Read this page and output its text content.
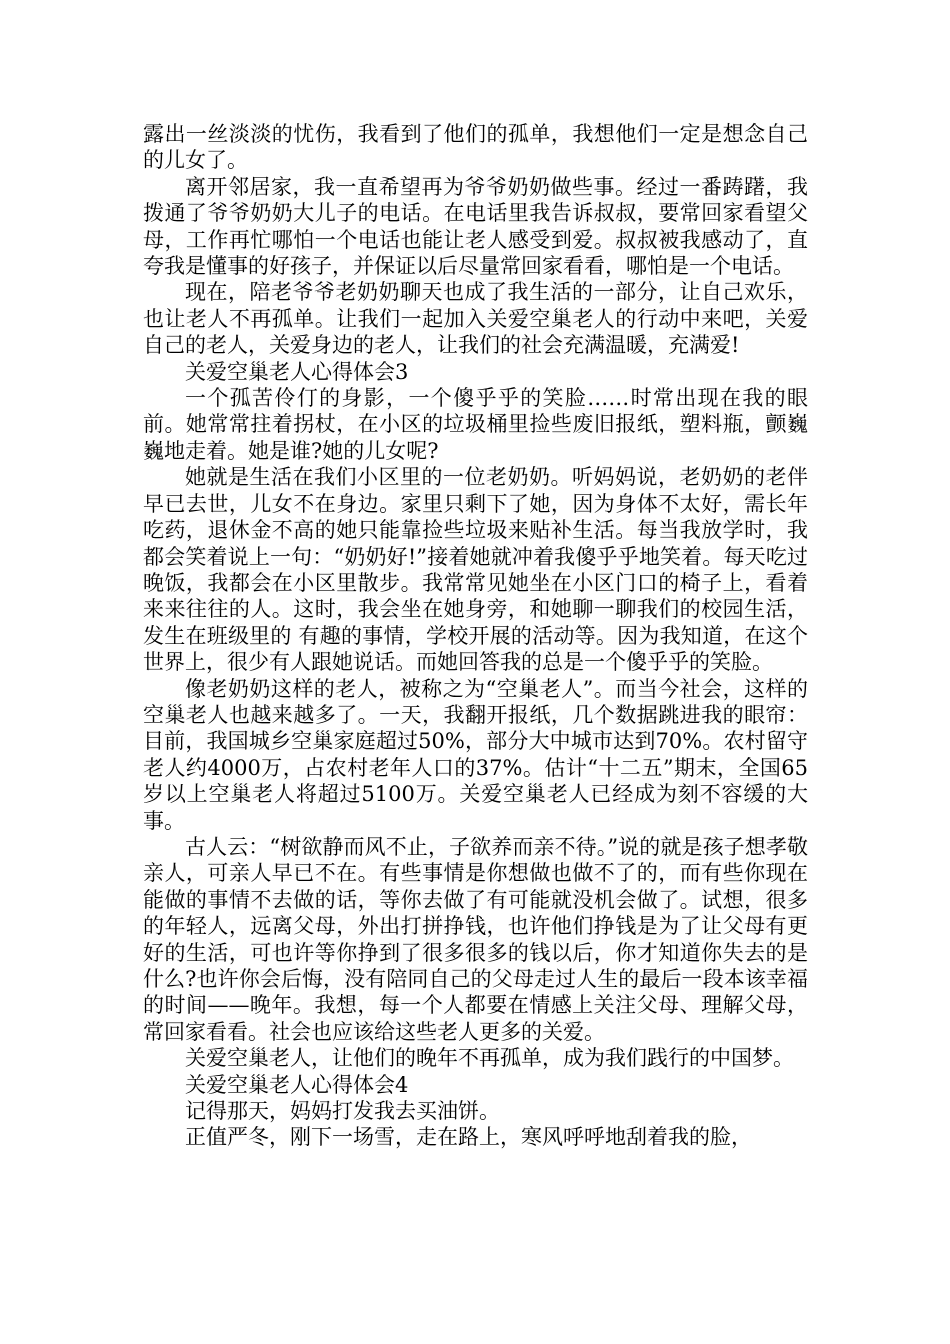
露出一丝淡淡的忧伤，我看到了他们的孤单，我想他们一定是想念自己的儿女了。

离开邻居家，我一直希望再为爷爷奶奶做些事。经过一番踌躇，我拨通了爷爷奶奶大儿子的电话。在电话里我告诉叔叔，要常回家看望父母，工作再忙哪怕一个电话也能让老人感受到爱。叔叔被我感动了，直夸我是懂事的好孩子，并保证以后尽量常回家看看，哪怕是一个电话。

现在，陪老爷爷老奶奶聊天也成了我生活的一部分，让自己欢乐，也让老人不再孤单。让我们一起加入关爱空巢老人的行动中来吧，关爱自己的老人，关爱身边的老人，让我们的社会充满温暖，充满爱!

关爱空巢老人心得体会3

一个孤苦伶仃的身影，一个傻乎乎的笑脸……时常出现在我的眼前。她常常拄着拐杖，在小区的垃圾桶里捡些废旧报纸，塑料瓶，颤巍巍地走着。她是谁?她的儿女呢?

她就是生活在我们小区里的一位老奶奶。听妈妈说，老奶奶的老伴早已去世，儿女不在身边。家里只剩下了她，因为身体不太好，需长年吃药，退休金不高的她只能靠捡些垃圾来贴补生活。每当我放学时，我都会笑着说上一句：“奶奶好!”接着她就冲着我傻乎乎地笑着。每天吃过晚饭，我都会在小区里散步。我常常见她坐在小区门口的椅子上，看着来来往往的人。这时，我会坐在她身旁，和她聊一聊我们的校园生活，发生在班级里的 有趣的事情，学校开展的活动等。因为我知道，在这个世界上，很少有人跟她说话。而她回答我的总是一个傻乎乎的笑脸。

像老奶奶这样的老人，被称之为“空巢老人”。而当今社会，这样的空巢老人也越来越多了。一天，我翻开报纸，几个数据跳进我的眼帘：目前，我国城乡空巢家庭超过50%，部分大中城市达到70%。农村留守老人约4000万，占农村老年人口的37%。估计“十二五”期末，全国65岁以上空巢老人将超过5100万。关爱空巢老人已经成为刻不容缓的大事。

古人云：“树欲静而风不止，子欲养而亲不待。”说的就是孩子想孝敬亲人，可亲人早已不在。有些事情是你想做也做不了的，而有些你现在能做的事情不去做的话，等你去做了有可能就没机会做了。试想，很多的年轻人，远离父母，外出打拼挣钱，也许他们挣钱是为了让父母有更好的生活，可也许等你挣到了很多很多的钱以后，你才知道你失去的是什么?也许你会后悔，没有陪同自己的父母走过人生的最后一段本该幸福的时间——晚年。我想，每一个人都要在情感上关注父母、理解父母，常回家看看。社会也应该给这些老人更多的关爱。

关爱空巢老人，让他们的晚年不再孤单，成为我们践行的中国梦。

关爱空巢老人心得体会4

记得那天，妈妈打发我去买油饼。

正值严冬，刚下一场雪，走在路上，寒风呼呼地刮着我的脸，
